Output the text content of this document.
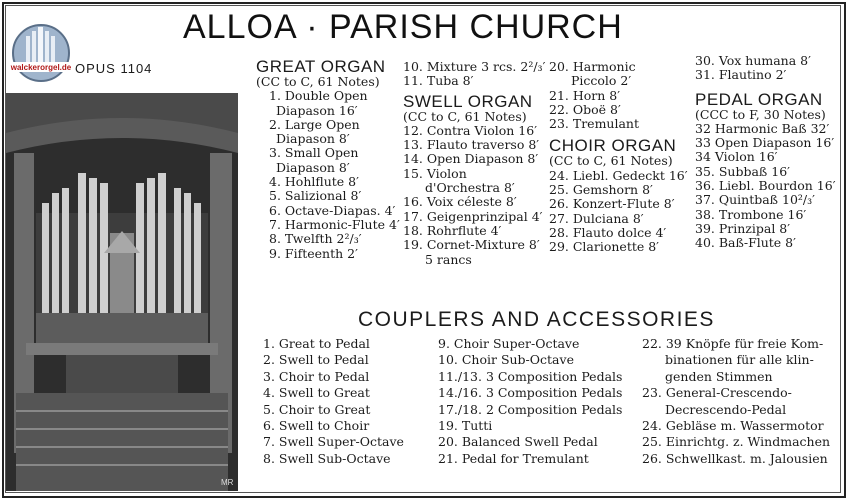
walckerorgel.de OPUS 1104
ALLOA · PARISH CHURCH
MR
GREAT ORGAN
(CC to C, 61 Notes)
1. Double Open
Diapason 16′
2. Large Open
Diapason 8′
3. Small Open
Diapason 8′
4. Hohlflute 8′
5. Salizional 8′
6. Octave-Diapas. 4′
7. Harmonic-Flute 4′
8. Twelfth 2²/₃′
9. Fifteenth 2′
10. Mixture 3 rcs. 2²/₃′
11. Tuba 8′
SWELL ORGAN
(CC to C, 61 Notes)
12. Contra Violon 16′
13. Flauto traverso 8′
14. Open Diapason 8′
15. Violon
d'Orchestra 8′
16. Voix céleste 8′
17. Geigenprinzipal 4′
18. Rohrflute 4′
19. Cornet-Mixture 8′
5 rancs
20. Harmonic
Piccolo 2′
21. Horn 8′
22. Oboë 8′
23. Tremulant
CHOIR ORGAN
(CC to C, 61 Notes)
24. Liebl. Gedeckt 16′
25. Gemshorn 8′
26. Konzert-Flute 8′
27. Dulciana 8′
28. Flauto dolce 4′
29. Clarionette 8′
30. Vox humana 8′
31. Flautino 2′
PEDAL ORGAN
(CCC to F, 30 Notes)
32 Harmonic Baß 32′
33 Open Diapason 16′
34 Violon 16′
35. Subbaß 16′
36. Liebl. Bourdon 16′
37. Quintbaß 10²/₃′
38. Trombone 16′
39. Prinzipal 8′
40. Baß-Flute 8′
COUPLERS AND ACCESSORIES
1. Great to Pedal
2. Swell to Pedal
3. Choir to Pedal
4. Swell to Great
5. Choir to Great
6. Swell to Choir
7. Swell Super-Octave
8. Swell Sub-Octave
9. Choir Super-Octave
10. Choir Sub-Octave
11./13. 3 Composition Pedals
14./16. 3 Composition Pedals
17./18. 2 Composition Pedals
19. Tutti
20. Balanced Swell Pedal
21. Pedal for Tremulant
22. 39 Knöpfe für freie Kom-
binationen für alle klin-
genden Stimmen
23. General-Crescendo-
Decrescendo-Pedal
24. Gebläse m. Wassermotor
25. Einrichtg. z. Windmachen
26. Schwellkast. m. Jalousien
